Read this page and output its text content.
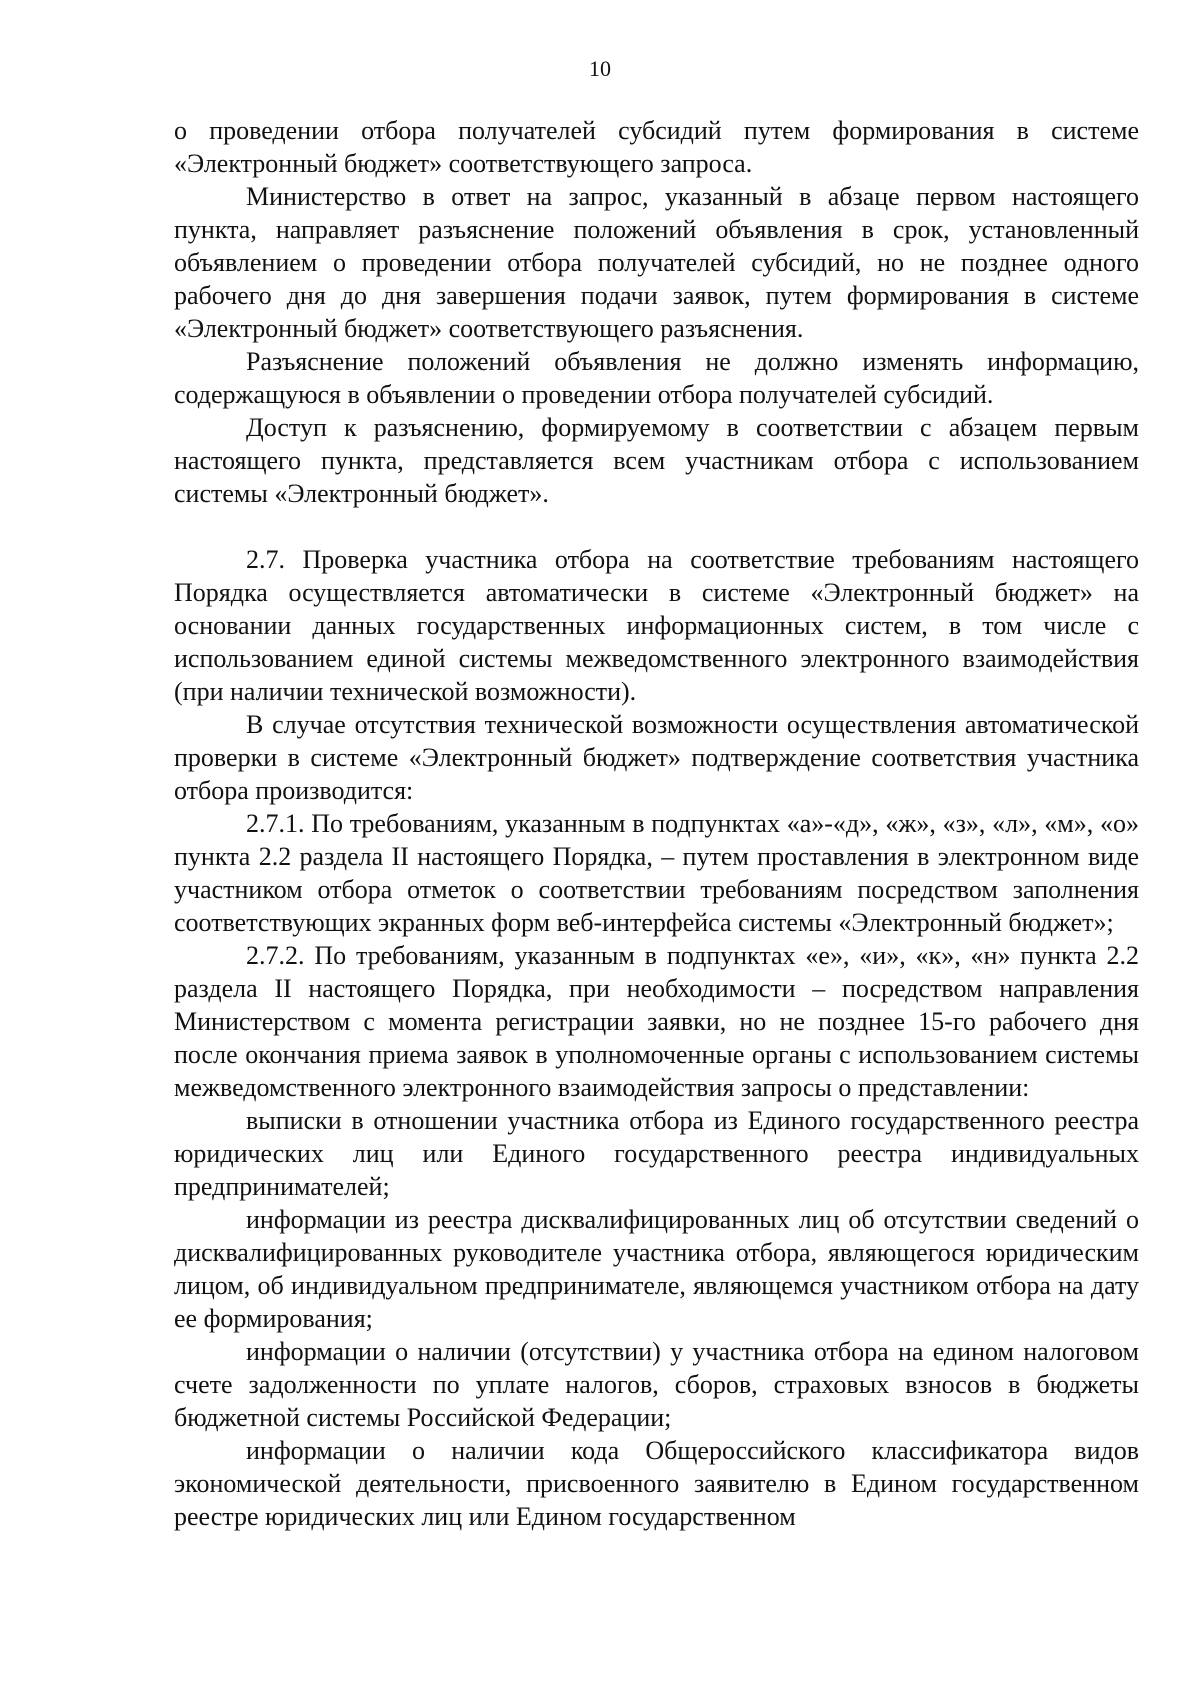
10

о проведении отбора получателей субсидий путем формирования в системе «Электронный бюджет» соответствующего запроса.

Министерство в ответ на запрос, указанный в абзаце первом настоящего пункта, направляет разъяснение положений объявления в срок, установленный объявлением о проведении отбора получателей субсидий, но не позднее одного рабочего дня до дня завершения подачи заявок, путем формирования в системе «Электронный бюджет» соответствующего разъяснения.

Разъяснение положений объявления не должно изменять информацию, содержащуюся в объявлении о проведении отбора получателей субсидий.

Доступ к разъяснению, формируемому в соответствии с абзацем первым настоящего пункта, представляется всем участникам отбора с использованием системы «Электронный бюджет».

2.7. Проверка участника отбора на соответствие требованиям настоящего Порядка осуществляется автоматически в системе «Электронный бюджет» на основании данных государственных информационных систем, в том числе с использованием единой системы межведомственного электронного взаимодействия (при наличии технической возможности).

В случае отсутствия технической возможности осуществления автоматической проверки в системе «Электронный бюджет» подтверждение соответствия участника отбора производится:

2.7.1. По требованиям, указанным в подпунктах «а»-«д», «ж», «з», «л», «м», «о» пункта 2.2 раздела II настоящего Порядка, – путем проставления в электронном виде участником отбора отметок о соответствии требованиям посредством заполнения соответствующих экранных форм веб-интерфейса системы «Электронный бюджет»;

2.7.2. По требованиям, указанным в подпунктах «е», «и», «к», «н» пункта 2.2 раздела II настоящего Порядка, при необходимости – посредством направления Министерством с момента регистрации заявки, но не позднее 15-го рабочего дня после окончания приема заявок в уполномоченные органы с использованием системы межведомственного электронного взаимодействия запросы о представлении:

выписки в отношении участника отбора из Единого государственного реестра юридических лиц или Единого государственного реестра индивидуальных предпринимателей;

информации из реестра дисквалифицированных лиц об отсутствии сведений о дисквалифицированных руководителе участника отбора, являющегося юридическим лицом, об индивидуальном предпринимателе, являющемся участником отбора на дату ее формирования;

информации о наличии (отсутствии) у участника отбора на едином налоговом счете задолженности по уплате налогов, сборов, страховых взносов в бюджеты бюджетной системы Российской Федерации;

информации о наличии кода Общероссийского классификатора видов экономической деятельности, присвоенного заявителю в Едином государственном реестре юридических лиц или Едином государственном
